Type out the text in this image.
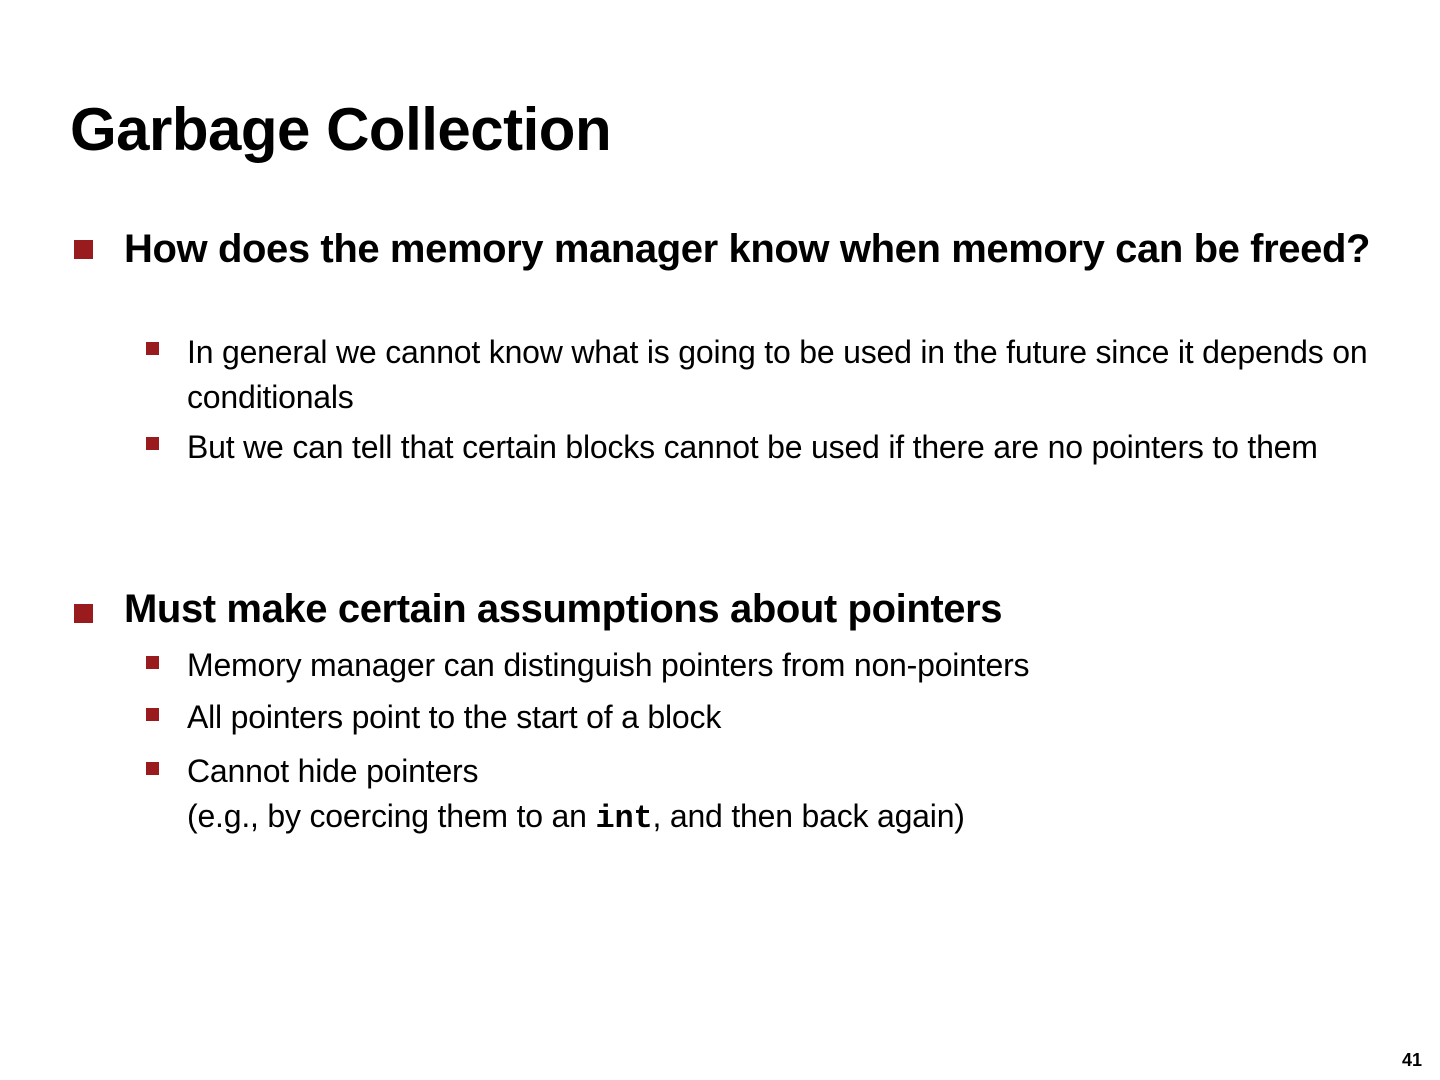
Garbage Collection

How does the memory manager know when memory can be freed?

In general we cannot know what is going to be used in the future since it depends on conditionals

But we can tell that certain blocks cannot be used if there are no pointers to them

Must make certain assumptions about pointers

Memory manager can distinguish pointers from non-pointers

All pointers point to the start of a block

Cannot hide pointers
(e.g., by coercing them to an int, and then back again)

41
